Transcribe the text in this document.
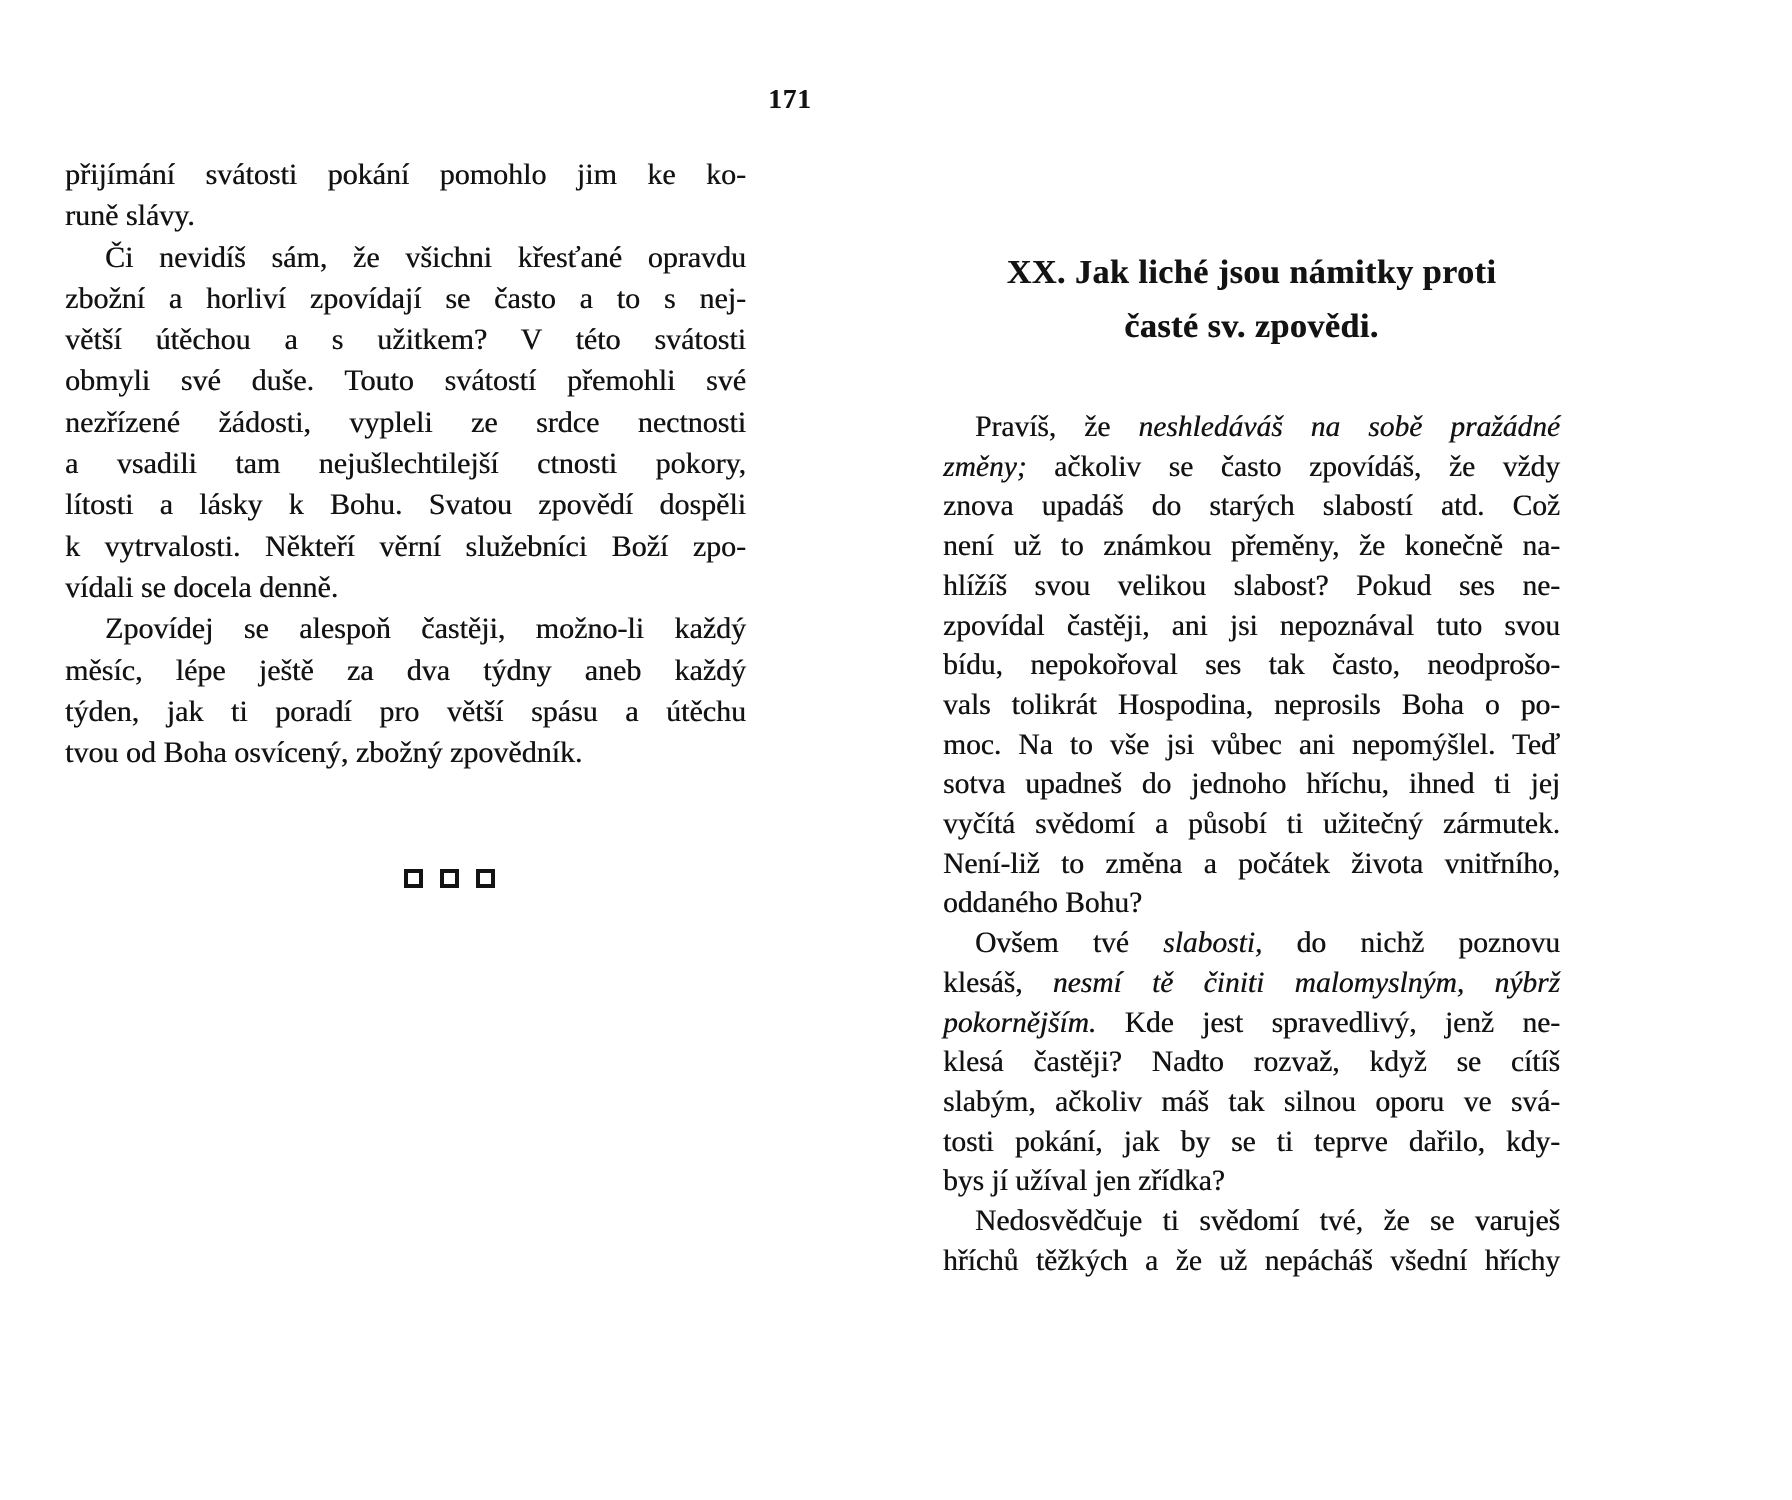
171
přijímání svátosti pokání pomohlo jim ke ko-
runě slávy.
Či nevidíš sám, že všichni křesťané opravdu
zbožní a horliví zpovídají se často a to s nej-
větší útěchou a s užitkem? V této svátosti
obmyli své duše. Touto svátostí přemohli své
nezřízené žádosti, vypleli ze srdce nectnosti
a vsadili tam nejušlechtilejší ctnosti pokory,
lítosti a lásky k Bohu. Svatou zpovědí dospěli
k vytrvalosti. Někteří věrní služebníci Boží zpo-
vídali se docela denně.
Zpovídej se alespoň častěji, možno-li každý
měsíc, lépe ještě za dva týdny aneb každý
týden, jak ti poradí pro větší spásu a útěchu
tvou od Boha osvícený, zbožný zpovědník.
XX. Jak liché jsou námitky proti
časté sv. zpovědi.
Pravíš, že neshledáváš na sobě pražádné
změny; ačkoliv se často zpovídáš, že vždy
znova upadáš do starých slabostí atd. Což
není už to známkou přeměny, že konečně na-
hlížíš svou velikou slabost? Pokud ses ne-
zpovídal častěji, ani jsi nepoznával tuto svou
bídu, nepokořoval ses tak často, neodprošo-
vals tolikrát Hospodina, neprosils Boha o po-
moc. Na to vše jsi vůbec ani nepomýšlel. Teď
sotva upadneš do jednoho hříchu, ihned ti jej
vyčítá svědomí a působí ti užitečný zármutek.
Není-liž to změna a počátek života vnitřního,
oddaného Bohu?
Ovšem tvé slabosti, do nichž poznovu
klesáš, nesmí tě činiti malomyslným, nýbrž
pokornějším. Kde jest spravedlivý, jenž ne-
klesá častěji? Nadto rozvaž, když se cítíš
slabým, ačkoliv máš tak silnou oporu ve svá-
tosti pokání, jak by se ti teprve dařilo, kdy-
bys jí užíval jen zřídka?
Nedosvědčuje ti svědomí tvé, že se varuješ
hříchů těžkých a že už nepácháš všední hříchy
